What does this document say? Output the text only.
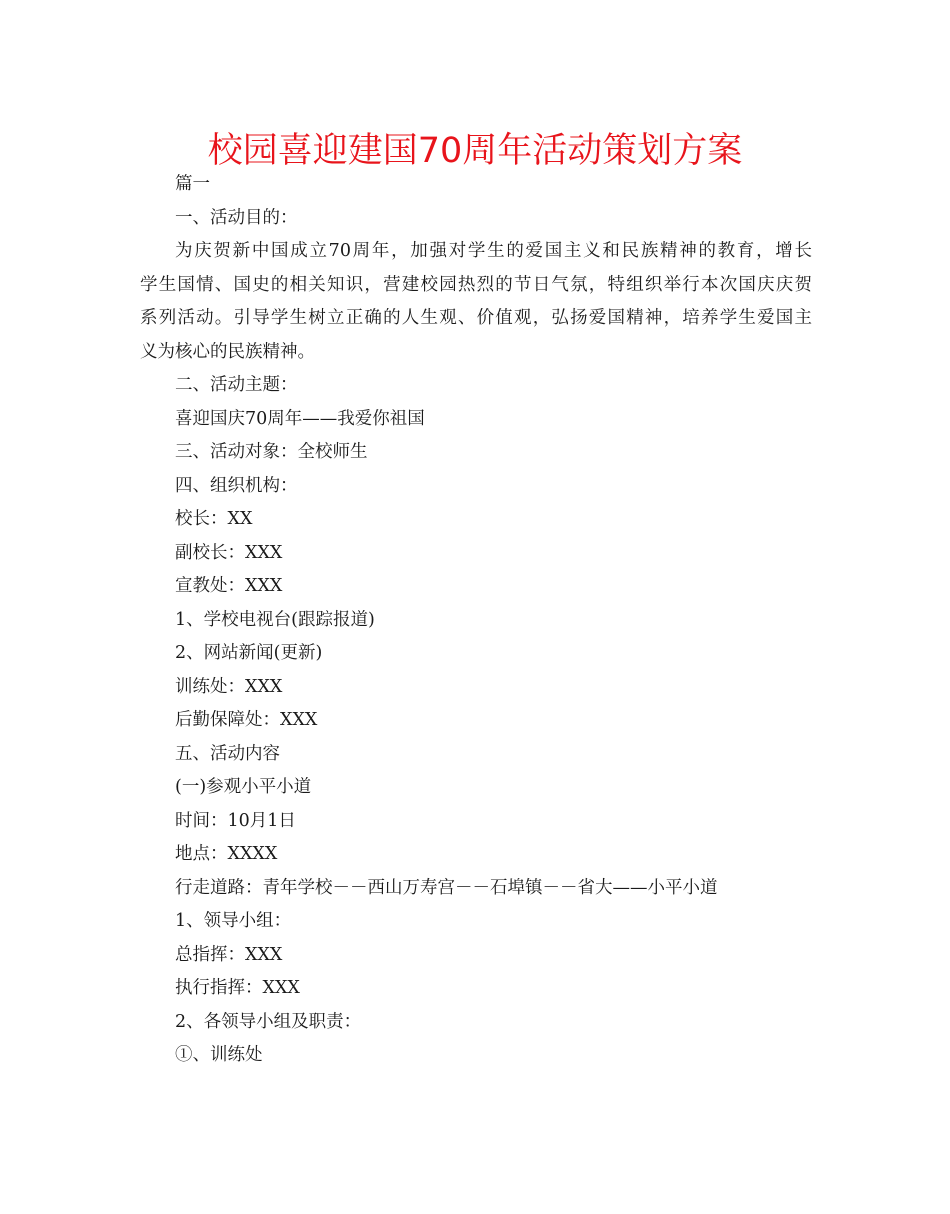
校园喜迎建国70周年活动策划方案
篇一
一、活动目的：
为庆贺新中国成立70周年，加强对学生的爱国主义和民族精神的教育，增长
学生国情、国史的相关知识，营建校园热烈的节日气氛，特组织举行本次国庆庆贺
系列活动。引导学生树立正确的人生观、价值观，弘扬爱国精神，培养学生爱国主
义为核心的民族精神。
二、活动主题：
喜迎国庆70周年——我爱你祖国
三、活动对象：全校师生
四、组织机构：
校长：XX
副校长：XXX
宣教处：XXX
1、学校电视台(跟踪报道)
2、网站新闻(更新)
训练处：XXX
后勤保障处：XXX
五、活动内容
(一)参观小平小道
时间：10月1日
地点：XXXX
行走道路：青年学校－－西山万寿宫－－石埠镇－－省大——小平小道
1、领导小组：
总指挥：XXX
执行指挥：XXX
2、各领导小组及职责：
①、训练处
